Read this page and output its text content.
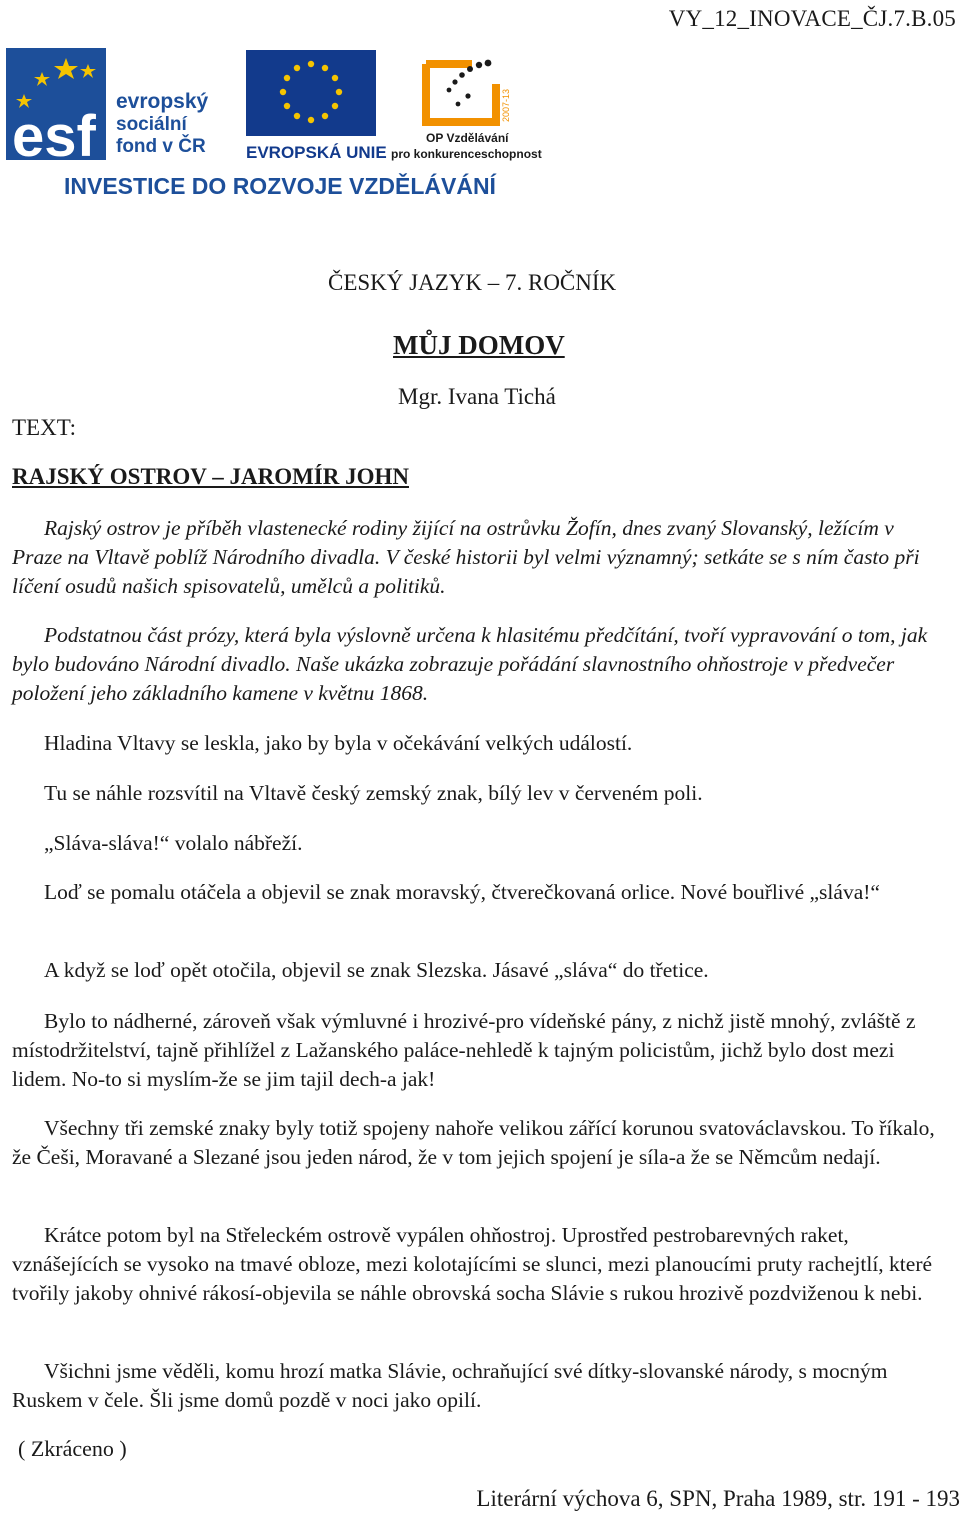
VY_12_INOVACE_ČJ.7.B.05
esf
evropský
sociální
fond v ČR EVROPSKÁ UNIE
2007-13
OP Vzdělávání
pro konkurenceschopnost
INVESTICE DO ROZVOJE VZDĚLÁVÁNÍ
ČESKÝ JAZYK – 7. ROČNÍK
MŮJ DOMOV
Mgr. Ivana Tichá
TEXT:
RAJSKÝ OSTROV – JAROMÍR JOHN

Rajský ostrov je příběh vlastenecké rodiny žijící na ostrůvku Žofín, dnes zvaný Slovanský, ležícím v Praze na Vltavě poblíž Národního divadla. V české historii byl velmi významný; setkáte se s ním často při líčení osudů našich spisovatelů, umělců a politiků.

Podstatnou část prózy, která byla výslovně určena k hlasitému předčítání, tvoří vypravování o tom, jak bylo budováno Národní divadlo. Naše ukázka zobrazuje pořádání slavnostního ohňostroje v předvečer položení jeho základního kamene v květnu 1868.

Hladina Vltavy se leskla, jako by byla v očekávání velkých událostí.

Tu se náhle rozsvítil na Vltavě český zemský znak, bílý lev v červeném poli.

„Sláva-sláva!“ volalo nábřeží.

Loď se pomalu otáčela a objevil se znak moravský, čtverečkovaná orlice. Nové bouřlivé „sláva!“

A když se loď opět otočila, objevil se znak Slezska. Jásavé „sláva“ do třetice.

Bylo to nádherné, zároveň však výmluvné i hrozivé-pro vídeňské pány, z nichž jistě mnohý, zvláště z místodržitelství, tajně přihlížel z Lažanského paláce-nehledě k tajným policistům, jichž bylo dost mezi lidem. No-to si myslím-že se jim tajil dech-a jak!

Všechny tři zemské znaky byly totiž spojeny nahoře velikou zářící korunou svatováclavskou. To říkalo, že Češi, Moravané a Slezané jsou jeden národ, že v tom jejich spojení je síla-a že se Němcům nedají.

Krátce potom byl na Střeleckém ostrově vypálen ohňostroj. Uprostřed pestrobarevných raket, vznášejících se vysoko na tmavé obloze, mezi kolotajícími se slunci, mezi planoucími pruty rachejtlí, které tvořily jakoby ohnivé rákosí-objevila se náhle obrovská socha Slávie s rukou hrozivě pozdviženou k nebi.

Všichni jsme věděli, komu hrozí matka Slávie, ochraňující své dítky-slovanské národy, s mocným Ruskem v čele. Šli jsme domů pozdě v noci jako opilí.

( Zkráceno )
Literární výchova 6, SPN, Praha 1989, str. 191 - 193
